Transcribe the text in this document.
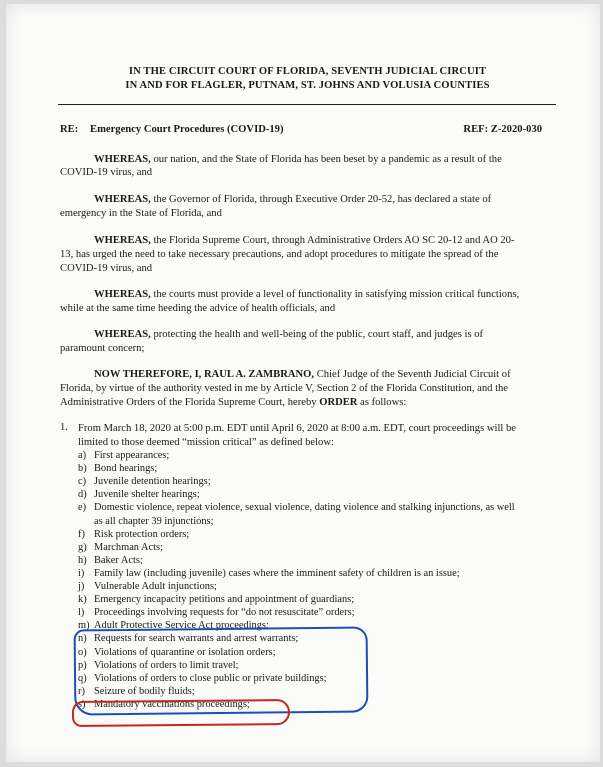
IN THE CIRCUIT COURT OF FLORIDA, SEVENTH JUDICIAL CIRCUIT
IN AND FOR FLAGLER, PUTNAM, ST. JOHNS AND VOLUSIA COUNTIES
RE: Emergency Court Procedures (COVID-19)	REF: Z-2020-030
WHEREAS, our nation, and the State of Florida has been beset by a pandemic as a result of the
COVID-19 virus, and
WHEREAS, the Governor of Florida, through Executive Order 20-52, has declared a state of
emergency in the State of Florida, and
WHEREAS, the Florida Supreme Court, through Administrative Orders AO SC 20-12 and AO 20-
13, has urged the need to take necessary precautions, and adopt procedures to mitigate the spread of the
COVID-19 virus, and
WHEREAS, the courts must provide a level of functionality in satisfying mission critical functions,
while at the same time heeding the advice of health officials, and
WHEREAS, protecting the health and well-being of the public, court staff, and judges is of
paramount concern;
NOW THEREFORE, I, RAUL A. ZAMBRANO, Chief Judge of the Seventh Judicial Circuit of
Florida, by virtue of the authority vested in me by Article V, Section 2 of the Florida Constitution, and the
Administrative Orders of the Florida Supreme Court, hereby ORDER as follows:
1. From March 18, 2020 at 5:00 p.m. EDT until April 6, 2020 at 8:00 a.m. EDT, court proceedings will be
limited to those deemed “mission critical” as defined below:
a) First appearances;
b) Bond hearings;
c) Juvenile detention hearings;
d) Juvenile shelter hearings;
e) Domestic violence, repeat violence, sexual violence, dating violence and stalking injunctions, as well
as all chapter 39 injunctions;
f) Risk protection orders;
g) Marchman Acts;
h) Baker Acts;
i) Family law (including juvenile) cases where the imminent safety of children is an issue;
j) Vulnerable Adult injunctions;
k) Emergency incapacity petitions and appointment of guardians;
l) Proceedings involving requests for “do not resuscitate” orders;
m) Adult Protective Service Act proceedings;
n) Requests for search warrants and arrest warrants;
o) Violations of quarantine or isolation orders;
p) Violations of orders to limit travel;
q) Violations of orders to close public or private buildings;
r) Seizure of bodily fluids;
s) Mandatory vaccinations proceedings;
